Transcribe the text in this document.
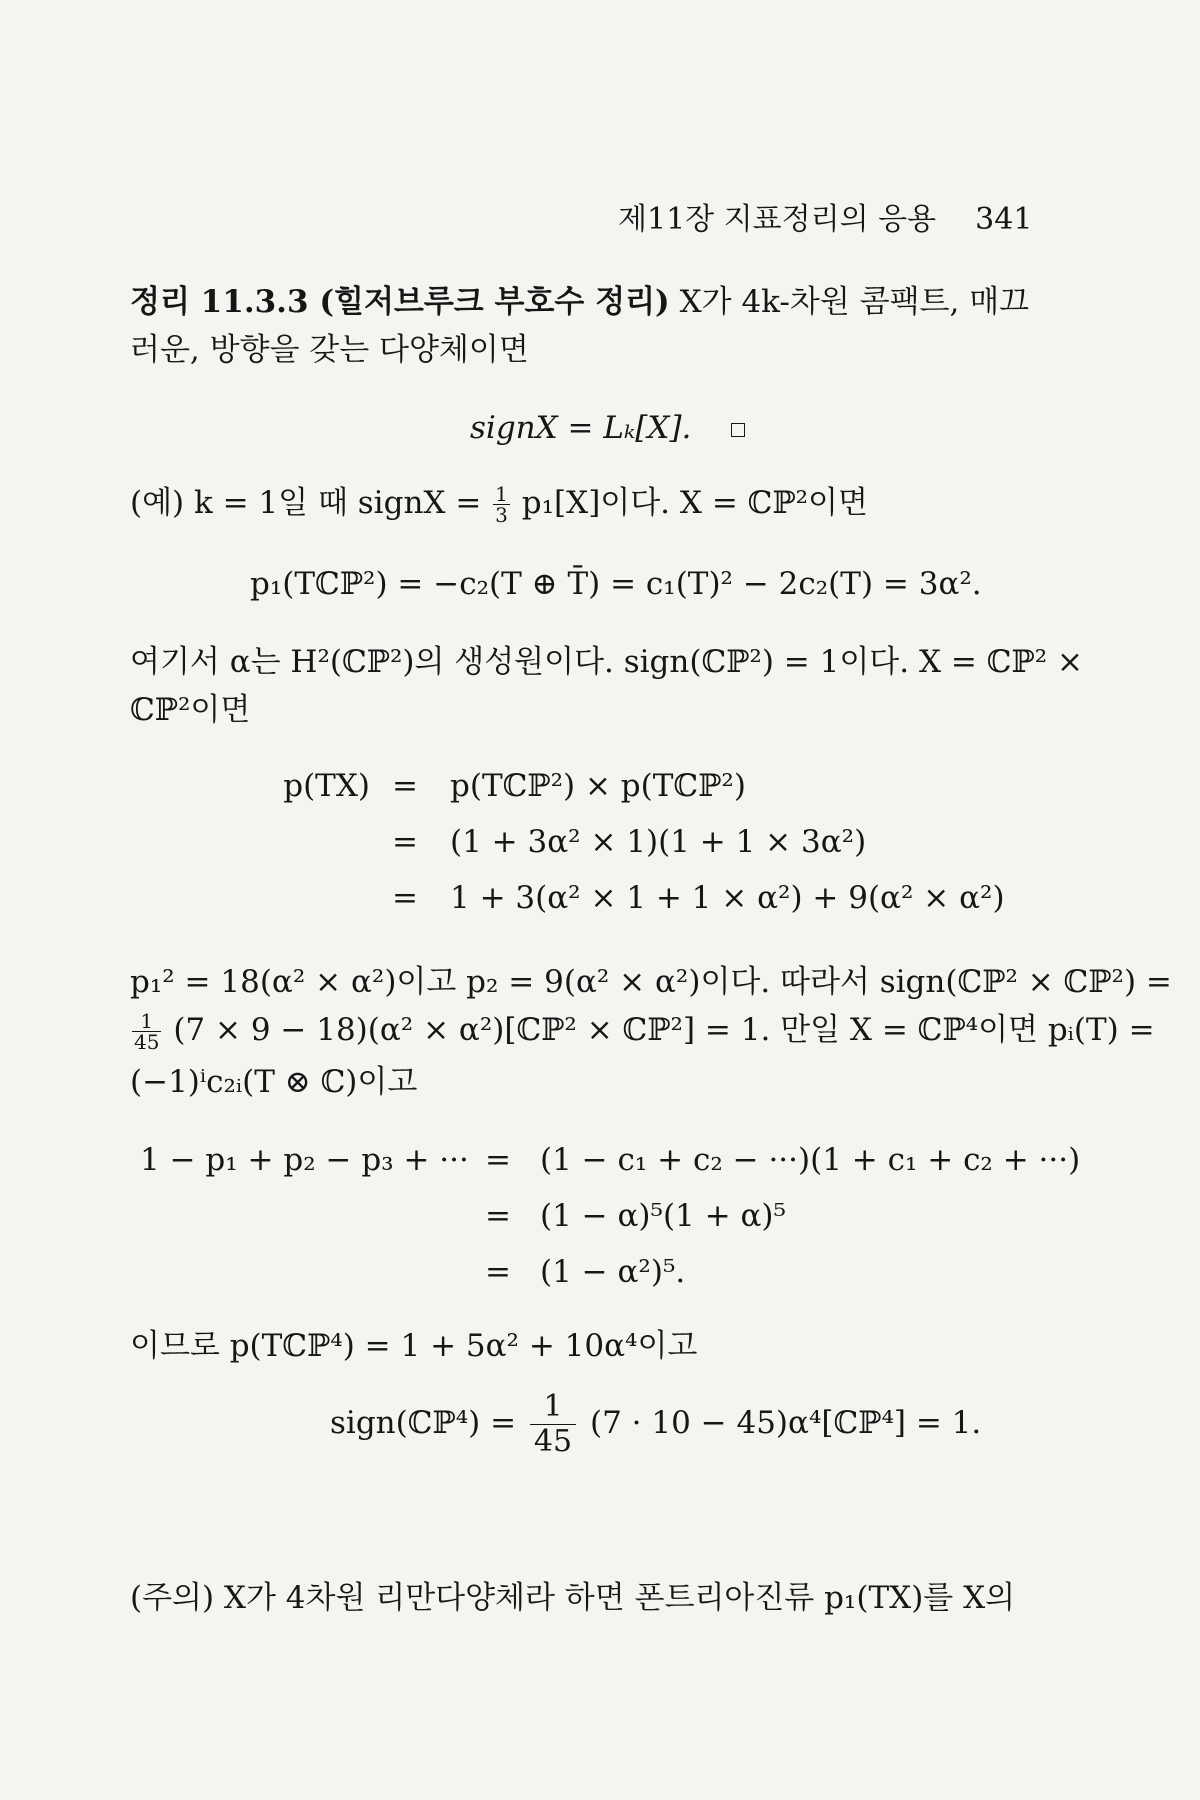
제11장 지표정리의 응용 341
정리 11.3.3 (힐저브루크 부호수 정리) X가 4k-차원 콤팩트, 매끄
러운, 방향을 갖는 다양체이면
signX = Lₖ[X].
(예) k = 1일 때 signX = $\frac{1}{3} p_1[X]$이다. X = ℂℙ²이면
p₁(Tℂℙ²) = −c₂(T ⊕ T̄) = c₁(T)² − 2c₂(T) = 3α².
여기서 α는 H²(ℂℙ²)의 생성원이다. sign(ℂℙ²) = 1이다. X = ℂℙ² ×
ℂℙ²이면
p(TX) =	p(Tℂℙ²) × p(Tℂℙ²)
=	(1 + 3α² × 1)(1 + 1 × 3α²)
=	1 + 3(α² × 1 + 1 × α²) + 9(α² × α²)
p₁² = 18(α² × α²)이고 p₂ = 9(α² × α²)이다. 따라서 sign(ℂℙ² × ℂℙ²) =
$\frac{1}{45} (7 \times 9 - 18)(\alpha^2$ × α²)[ℂℙ² × ℂℙ²] = 1. 만일 X = ℂℙ⁴이면 pᵢ(T) =
(−1)ⁱc₂ᵢ(T ⊗ ℂ)이고
1 − p₁ + p₂ − p₃ + ··· = (1 − c₁ + c₂ − ···)(1 + c₁ + c₂ + ···)
= (1 − α)⁵(1 + α)⁵
= (1 − α²)⁵.
이므로 p(Tℂℙ⁴) = 1 + 5α² + 10α⁴이고
sign(ℂℙ⁴) = $\frac{1}{45} (7 \cdot 10$ − 45)α⁴[ℂℙ⁴] = 1.
(주의) X가 4차원 리만다양체라 하면 폰트리아진류 p₁(TX)를 X의
